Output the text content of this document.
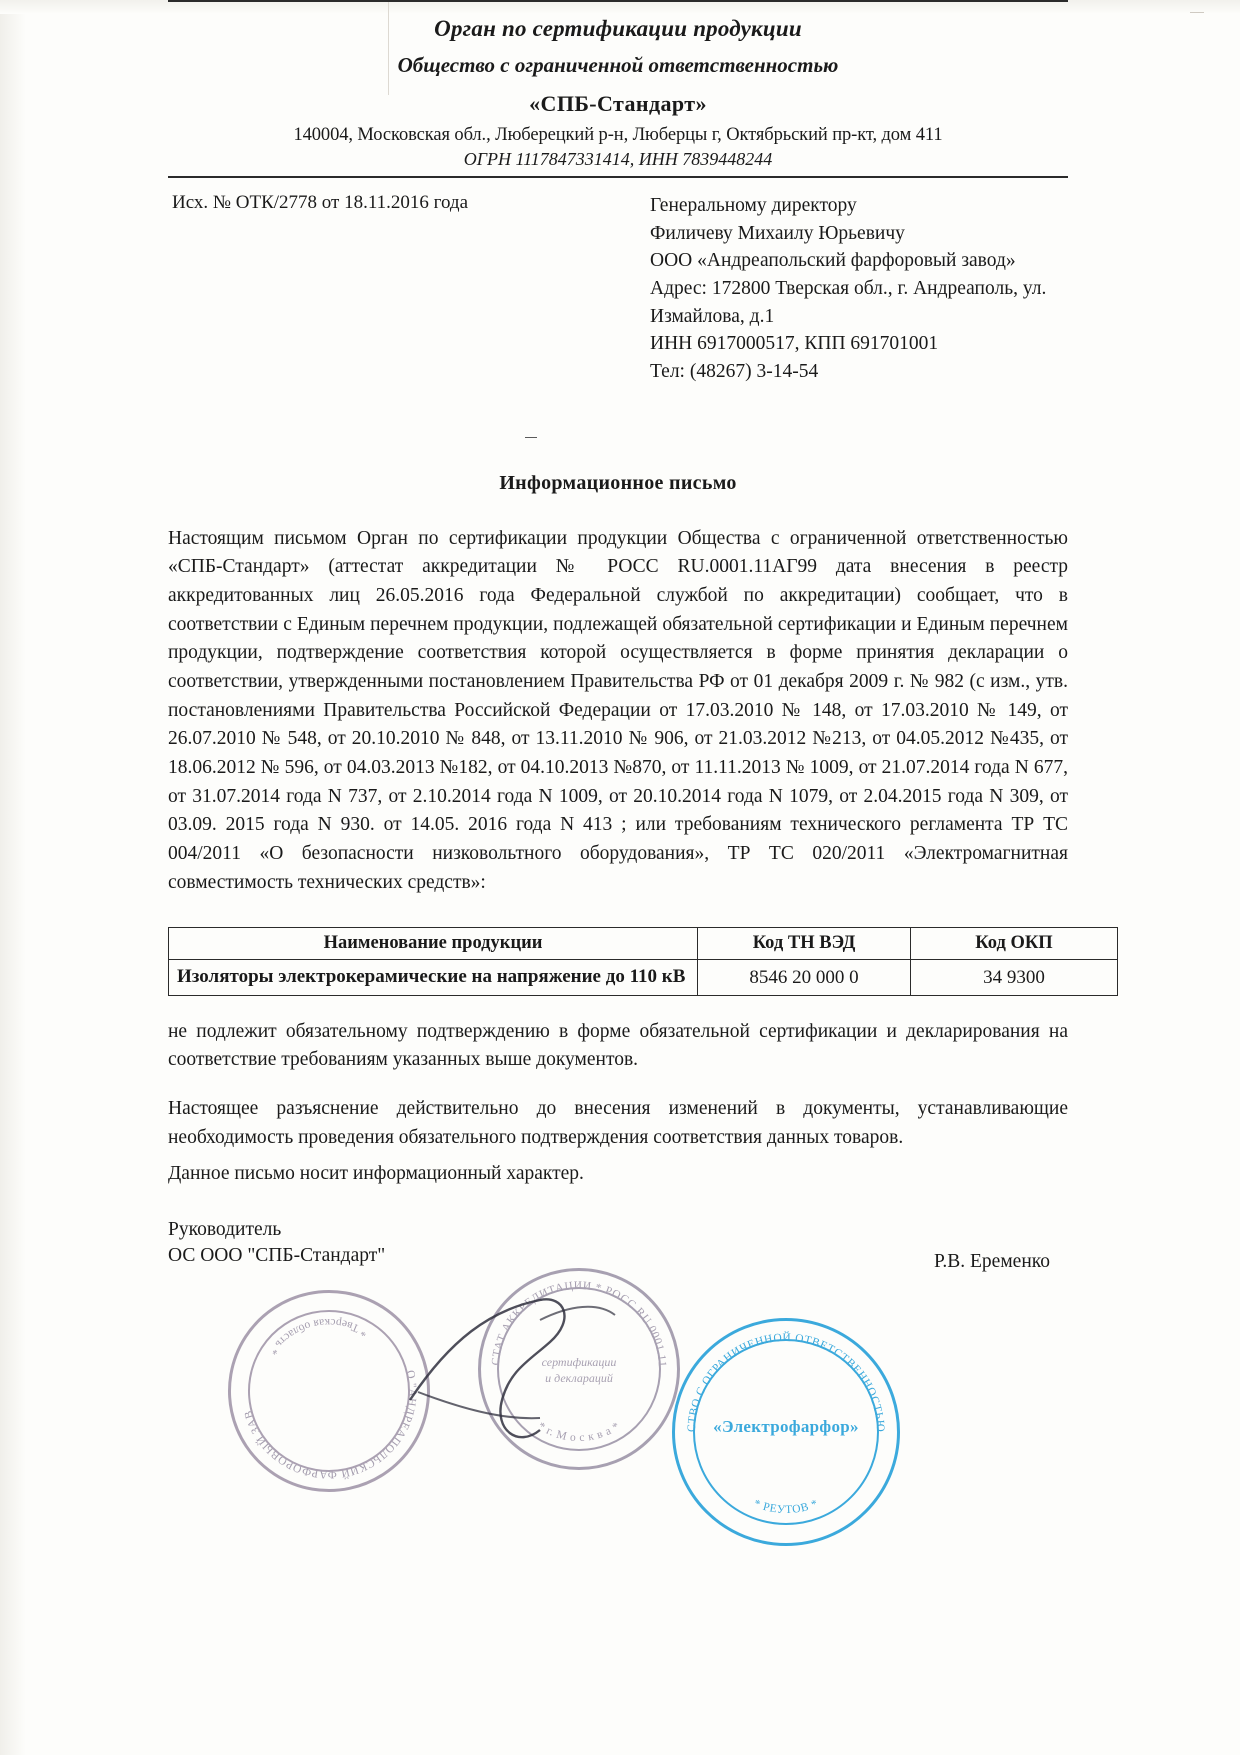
Орган по сертификации продукции
Общество с ограниченной ответственностью
«СПБ-Стандарт»
140004, Московская обл., Люберецкий р-н, Люберцы г, Октябрьский пр-кт, дом 411
ОГРН 1117847331414, ИНН 7839448244
Исх. № ОТК/2778 от 18.11.2016 года	Генеральному директору
Филичеву Михаилу Юрьевичу
ООО «Андреапольский фарфоровый завод»
Адрес: 172800 Тверская обл., г. Андреаполь, ул. Измайлова, д.1
ИНН 6917000517, КПП 691701001
Тел: (48267) 3-14-54
Информационное письмо
Настоящим письмом Орган по сертификации продукции Общества с ограниченной ответственностью «СПБ-Стандарт» (аттестат аккредитации № РОСС RU.0001.11АГ99 дата внесения в реестр аккредитованных лиц 26.05.2016 года Федеральной службой по аккредитации) сообщает, что в соответствии с Единым перечнем продукции, подлежащей обязательной сертификации и Единым перечнем продукции, подтверждение соответствия которой осуществляется в форме принятия декларации о соответствии, утвержденными постановлением Правительства РФ от 01 декабря 2009 г. № 982 (с изм., утв. постановлениями Правительства Российской Федерации от 17.03.2010 № 148, от 17.03.2010 № 149, от 26.07.2010 № 548, от 20.10.2010 № 848, от 13.11.2010 № 906, от 21.03.2012 №213, от 04.05.2012 №435, от 18.06.2012 № 596, от 04.03.2013 №182, от 04.10.2013 №870, от 11.11.2013 № 1009, от 21.07.2014 года N 677, от 31.07.2014 года N 737, от 2.10.2014 года N 1009, от 20.10.2014 года N 1079, от 2.04.2015 года N 309, от 03.09. 2015 года N 930. от 14.05. 2016 года N 413 ; или требованиям технического регламента ТР ТС 004/2011 «О безопасности низковольтного оборудования», ТР ТС 020/2011 «Электромагнитная совместимость технических средств»:
Наименование продукции	Код ТН ВЭД	Код ОКП
Изоляторы электрокерамические на напряжение до 110 кВ	8546 20 000 0	34 9300
не подлежит обязательному подтверждению в форме обязательной сертификации и декларирования на соответствие требованиям указанных выше документов.
Настоящее разъяснение действительно до внесения изменений в документы, устанавливающие необходимость проведения обязательного подтверждения соответствия данных товаров.
Данное письмо носит информационный характер.
Руководитель
ОС ООО "СПБ-Стандарт"	Р.В. Еременко
ОАО "АНДРЕАПОЛЬСКИЙ ФАРФОРОВЫЙ ЗАВОД"
* Тверская область *
АТТЕСТАТ АККРЕДИТАЦИИ * РОСС RU.0001.11АГ99
* г. М о с к в а *
сертификации
и деклараций
ОБЩЕСТВО С ОГРАНИЧЕННОЙ ОТВЕТСТВЕННОСТЬЮ ОГРН
* РЕУТОВ *
«Электрофарфор»
